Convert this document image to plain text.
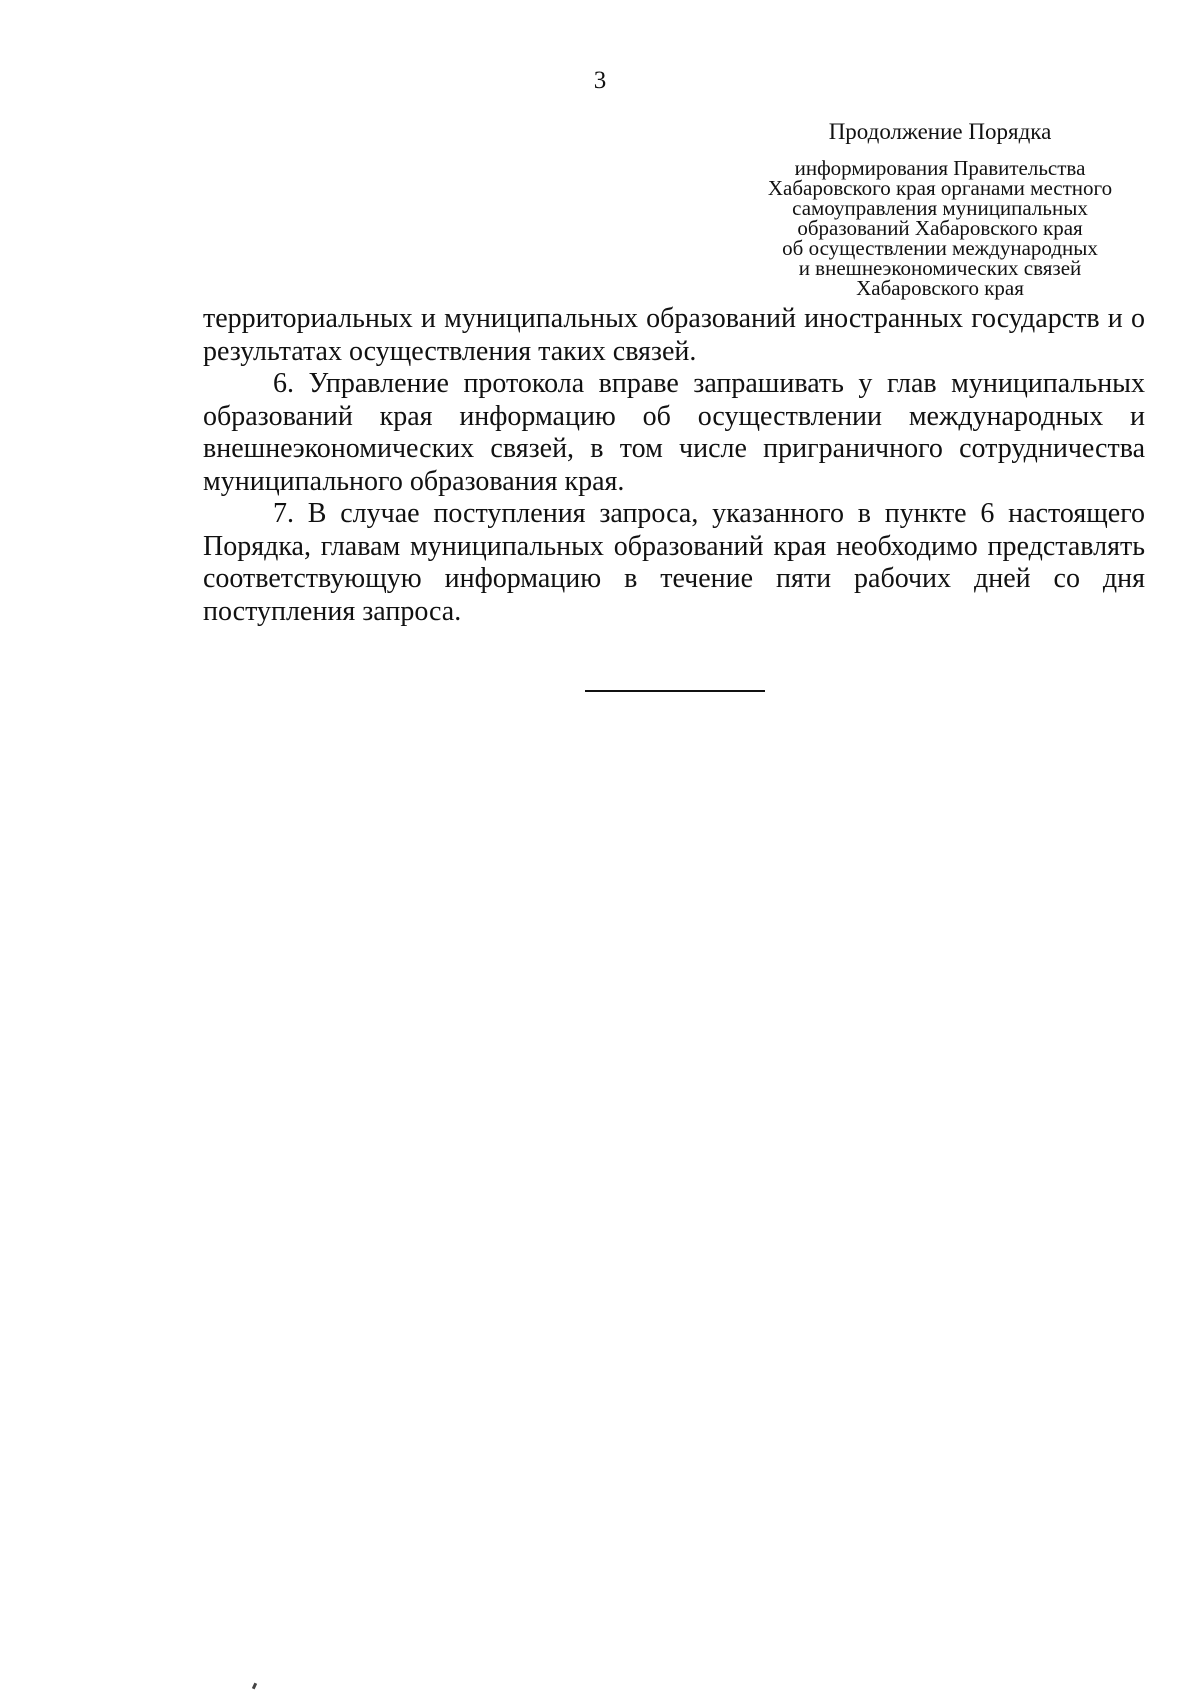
3
Продолжение Порядка
информирования Правительства
Хабаровского края органами местного
самоуправления муниципальных
образований Хабаровского края
об осуществлении международных
и внешнеэкономических связей
Хабаровского края

территориальных и муниципальных образований иностранных государств и о результатах осуществления таких связей.

6. Управление протокола вправе запрашивать у глав муниципальных образований края информацию об осуществлении международных и внешнеэкономических связей, в том числе приграничного сотрудничества муниципального образования края.

7. В случае поступления запроса, указанного в пункте 6 настоящего Порядка, главам муниципальных образований края необходимо представлять соответствующую информацию в течение пяти рабочих дней со дня поступления запроса.
